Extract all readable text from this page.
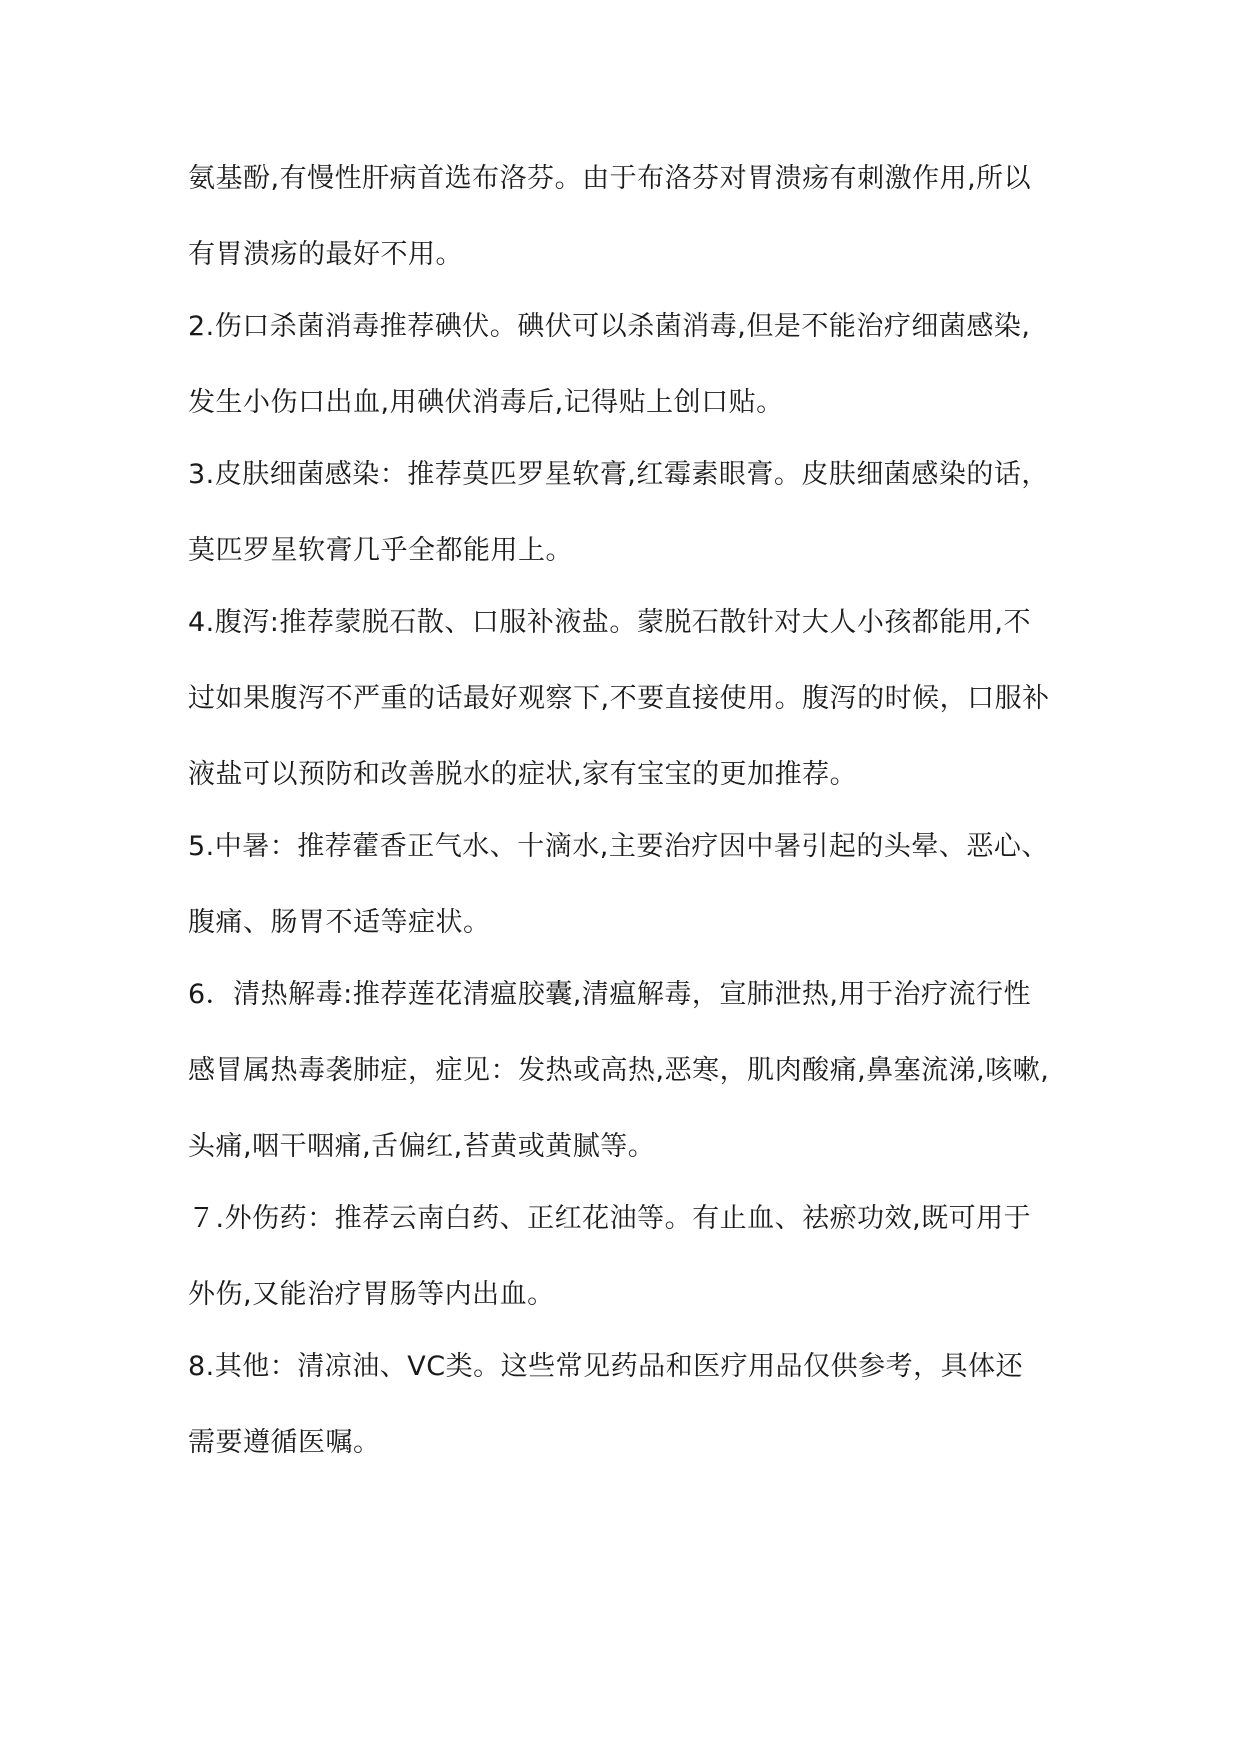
氨基酚,有慢性肝病首选布洛芬。由于布洛芬对胃溃疡有刺激作用,所以
有胃溃疡的最好不用。
2.伤口杀菌消毒推荐碘伏。碘伏可以杀菌消毒,但是不能治疗细菌感染,
发生小伤口出血,用碘伏消毒后,记得贴上创口贴。
3.皮肤细菌感染：推荐莫匹罗星软膏,红霉素眼膏。皮肤细菌感染的话，
莫匹罗星软膏几乎全都能用上。
4.腹泻:推荐蒙脱石散、口服补液盐。蒙脱石散针对大人小孩都能用,不
过如果腹泻不严重的话最好观察下,不要直接使用。腹泻的时候，口服补
液盐可以预防和改善脱水的症状,家有宝宝的更加推荐。
5.中暑：推荐藿香正气水、十滴水,主要治疗因中暑引起的头晕、恶心、
腹痛、肠胃不适等症状。
6．清热解毒:推荐莲花清瘟胶囊,清瘟解毒，宣肺泄热,用于治疗流行性
感冒属热毒袭肺症，症见：发热或高热,恶寒，肌肉酸痛,鼻塞流涕,咳嗽,
头痛,咽干咽痛,舌偏红,苔黄或黄腻等。
７.外伤药：推荐云南白药、正红花油等。有止血、祛瘀功效,既可用于
外伤,又能治疗胃肠等内出血。
8.其他：清凉油、VC类。这些常见药品和医疗用品仅供参考，具体还
需要遵循医嘱。
